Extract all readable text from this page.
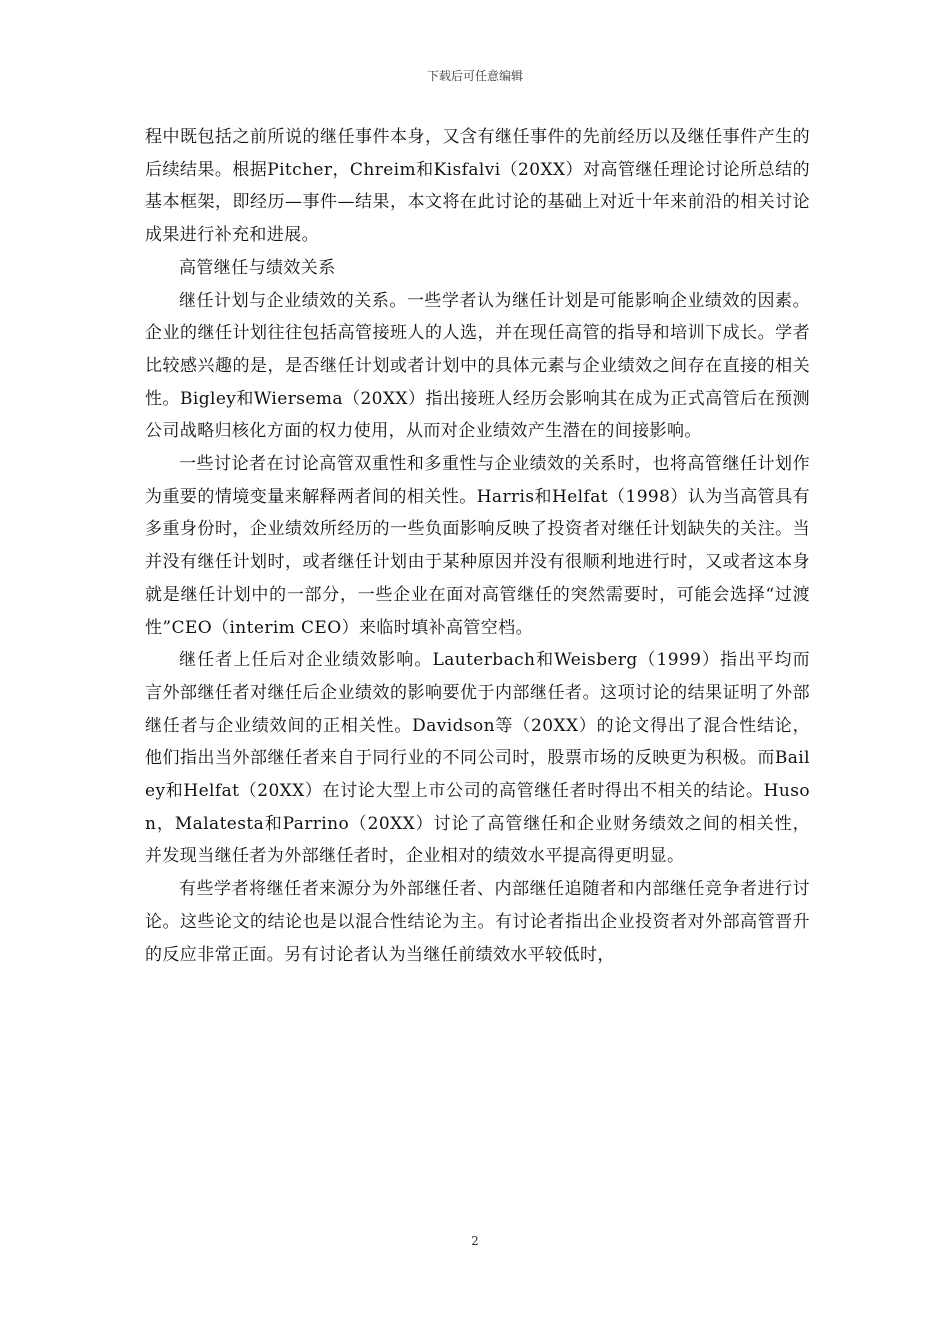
下载后可任意编辑

程中既包括之前所说的继任事件本身，又含有继任事件的先前经历以及继任事件产生的后续结果。根据Pitcher，Chreim和Kisfalvi（20XX）对高管继任理论讨论所总结的基本框架，即经历—事件—结果，本文将在此讨论的基础上对近十年来前沿的相关讨论成果进行补充和进展。

高管继任与绩效关系

继任计划与企业绩效的关系。一些学者认为继任计划是可能影响企业绩效的因素。企业的继任计划往往包括高管接班人的人选，并在现任高管的指导和培训下成长。学者比较感兴趣的是，是否继任计划或者计划中的具体元素与企业绩效之间存在直接的相关性。Bigley和Wiersema（20XX）指出接班人经历会影响其在成为正式高管后在预测公司战略归核化方面的权力使用，从而对企业绩效产生潜在的间接影响。

一些讨论者在讨论高管双重性和多重性与企业绩效的关系时，也将高管继任计划作为重要的情境变量来解释两者间的相关性。Harris和Helfat（1998）认为当高管具有多重身份时，企业绩效所经历的一些负面影响反映了投资者对继任计划缺失的关注。当并没有继任计划时，或者继任计划由于某种原因并没有很顺利地进行时，又或者这本身就是继任计划中的一部分，一些企业在面对高管继任的突然需要时，可能会选择“过渡性”CEO（interim CEO）来临时填补高管空档。

继任者上任后对企业绩效影响。Lauterbach和Weisberg（1999）指出平均而言外部继任者对继任后企业绩效的影响要优于内部继任者。这项讨论的结果证明了外部继任者与企业绩效间的正相关性。Davidson等（20XX）的论文得出了混合性结论，他们指出当外部继任者来自于同行业的不同公司时，股票市场的反映更为积极。而Bailey和Helfat（20XX）在讨论大型上市公司的高管继任者时得出不相关的结论。Huson，Malatesta和Parrino（20XX）讨论了高管继任和企业财务绩效之间的相关性，并发现当继任者为外部继任者时，企业相对的绩效水平提高得更明显。

有些学者将继任者来源分为外部继任者、内部继任追随者和内部继任竞争者进行讨论。这些论文的结论也是以混合性结论为主。有讨论者指出企业投资者对外部高管晋升的反应非常正面。另有讨论者认为当继任前绩效水平较低时，

2
